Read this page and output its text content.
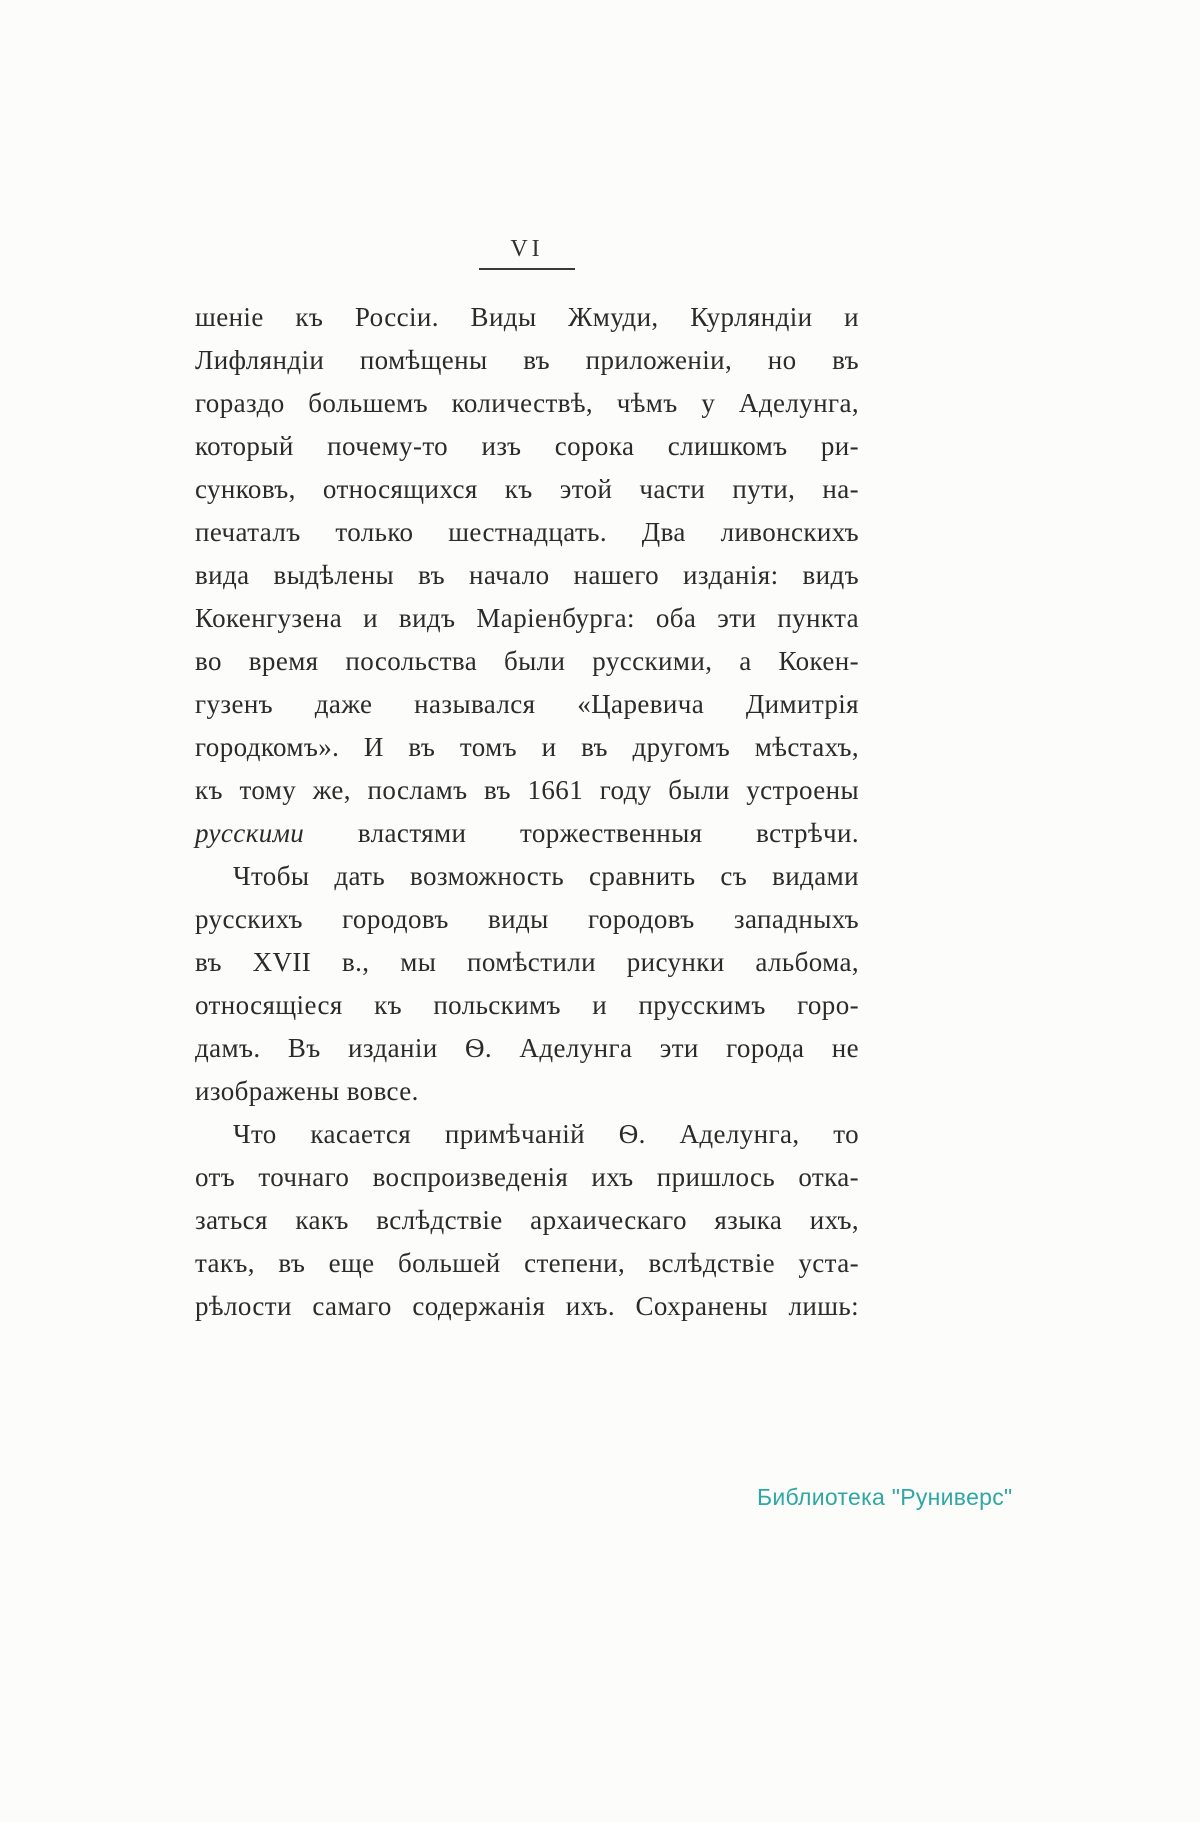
VI
шеніе къ Россіи. Виды Жмуди, Курляндіи и
Лифляндіи помѣщены въ приложеніи, но въ
гораздо большемъ количествѣ, чѣмъ у Аделунга,
который почему-то изъ сорока слишкомъ ри-
сунковъ, относящихся къ этой части пути, на-
печаталъ только шестнадцать. Два ливонскихъ
вида выдѣлены въ начало нашего изданія: видъ
Кокенгузена и видъ Маріенбурга: оба эти пункта
во время посольства были русскими, а Кокен-
гузенъ даже назывался «Царевича Димитрія
городкомъ». И въ томъ и въ другомъ мѣстахъ,
къ тому же, посламъ въ 1661 году были устроены
русскими властями торжественныя встрѣчи.
Чтобы дать возможность сравнить съ видами
русскихъ городовъ виды городовъ западныхъ
въ XVII в., мы помѣстили рисунки альбома,
относящіеся къ польскимъ и прусскимъ горо-
дамъ. Въ изданіи Ѳ. Аделунга эти города не
изображены вовсе.
Что касается примѣчаній Ѳ. Аделунга, то
отъ точнаго воспроизведенія ихъ пришлось отка-
заться какъ вслѣдствіе архаическаго языка ихъ,
такъ, въ еще большей степени, вслѣдствіе уста-
рѣлости самаго содержанія ихъ. Сохранены лишь:
Библиотека "Руниверс"
